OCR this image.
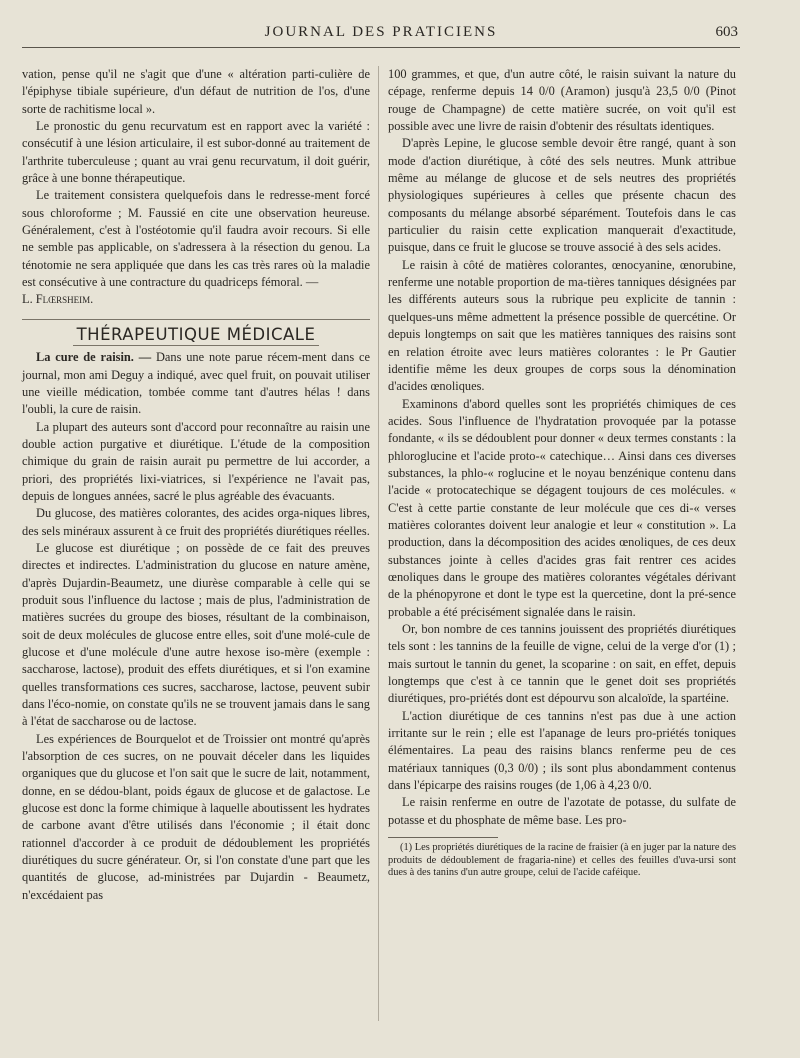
JOURNAL DES PRATICIENS	603

vation, pense qu'il ne s'agit que d'une « altération parti-culière de l'épiphyse tibiale supérieure, d'un défaut de nutrition de l'os, d'une sorte de rachitisme local ».

Le pronostic du genu recurvatum est en rapport avec la variété : consécutif à une lésion articulaire, il est subor-donné au traitement de l'arthrite tuberculeuse ; quant au vrai genu recurvatum, il doit guérir, grâce à une bonne thérapeutique.

Le traitement consistera quelquefois dans le redresse-ment forcé sous chloroforme ; M. Faussié en cite une observation heureuse. Généralement, c'est à l'ostéotomie qu'il faudra avoir recours. Si elle ne semble pas applicable, on s'adressera à la résection du genou. La ténotomie ne sera appliquée que dans les cas très rares où la maladie est consécutive à une contracture du quadriceps fémoral. —

L. Flœrsheim.

THÉRAPEUTIQUE MÉDICALE

La cure de raisin. — Dans une note parue récem-ment dans ce journal, mon ami Deguy a indiqué, avec quel fruit, on pouvait utiliser une vieille médication, tombée comme tant d'autres hélas ! dans l'oubli, la cure de raisin.

La plupart des auteurs sont d'accord pour reconnaître au raisin une double action purgative et diurétique. L'étude de la composition chimique du grain de raisin aurait pu permettre de lui accorder, a priori, des propriétés lixi-viatrices, si l'expérience ne l'avait pas, depuis de longues années, sacré le plus agréable des évacuants.

Du glucose, des matières colorantes, des acides orga-niques libres, des sels minéraux assurent à ce fruit des propriétés diurétiques réelles.

Le glucose est diurétique ; on possède de ce fait des preuves directes et indirectes. L'administration du glucose en nature amène, d'après Dujardin-Beaumetz, une diurèse comparable à celle qui se produit sous l'influence du lactose ; mais de plus, l'administration de matières sucrées du groupe des bioses, résultant de la combinaison, soit de deux molécules de glucose entre elles, soit d'une molé-cule de glucose et d'une molécule d'une autre hexose iso-mère (exemple : saccharose, lactose), produit des effets diurétiques, et si l'on examine quelles transformations ces sucres, saccharose, lactose, peuvent subir dans l'éco-nomie, on constate qu'ils ne se trouvent jamais dans le sang à l'état de saccharose ou de lactose.

Les expériences de Bourquelot et de Troissier ont montré qu'après l'absorption de ces sucres, on ne pouvait déceler dans les liquides organiques que du glucose et l'on sait que le sucre de lait, notamment, donne, en se dédou-blant, poids égaux de glucose et de galactose. Le glucose est donc la forme chimique à laquelle aboutissent les hydrates de carbone avant d'être utilisés dans l'économie ; il était donc rationnel d'accorder à ce produit de dédoublement les propriétés diurétiques du sucre générateur. Or, si l'on constate d'une part que les quantités de glucose, ad-ministrées par Dujardin - Beaumetz, n'excédaient pas

100 grammes, et que, d'un autre côté, le raisin suivant la nature du cépage, renferme depuis 14 0/0 (Aramon) jusqu'à 23,5 0/0 (Pinot rouge de Champagne) de cette matière sucrée, on voit qu'il est possible avec une livre de raisin d'obtenir des résultats identiques.

D'après Lepine, le glucose semble devoir être rangé, quant à son mode d'action diurétique, à côté des sels neutres. Munk attribue même au mélange de glucose et de sels neutres des propriétés physiologiques supérieures à celles que présente chacun des composants du mélange absorbé séparément. Toutefois dans le cas particulier du raisin cette explication manquerait d'exactitude, puisque, dans ce fruit le glucose se trouve associé à des sels acides.

Le raisin à côté de matières colorantes, œnocyanine, œnorubine, renferme une notable proportion de ma-tières tanniques désignées par les différents auteurs sous la rubrique peu explicite de tannin : quelques-uns même admettent la présence possible de quercétine. Or depuis longtemps on sait que les matières tanniques des raisins sont en relation étroite avec leurs matières colorantes : le Pr Gautier identifie même les deux groupes de corps sous la dénomination d'acides œnoliques.

Examinons d'abord quelles sont les propriétés chimiques de ces acides. Sous l'influence de l'hydratation provoquée par la potasse fondante, « ils se dédoublent pour donner « deux termes constants : la phloroglucine et l'acide proto-« catechique… Ainsi dans ces diverses substances, la phlo-« roglucine et le noyau benzénique contenu dans l'acide « protocatechique se dégagent toujours de ces molécules. « C'est à cette partie constante de leur molécule que ces di-« verses matières colorantes doivent leur analogie et leur « constitution ». La production, dans la décomposition des acides œnoliques, de ces deux substances jointe à celles d'acides gras fait rentrer ces acides œnoliques dans le groupe des matières colorantes végétales dérivant de la phénopyrone et dont le type est la quercetine, dont la pré-sence probable a été précisément signalée dans le raisin.

Or, bon nombre de ces tannins jouissent des propriétés diurétiques tels sont : les tannins de la feuille de vigne, celui de la verge d'or (1) ; mais surtout le tannin du genet, la scoparine : on sait, en effet, depuis longtemps que c'est à ce tannin que le genet doit ses propriétés diurétiques, pro-priétés dont est dépourvu son alcaloïde, la spartéine.

L'action diurétique de ces tannins n'est pas due à une action irritante sur le rein ; elle est l'apanage de leurs pro-priétés toniques élémentaires. La peau des raisins blancs renferme peu de ces matériaux tanniques (0,3 0/0) ; ils sont plus abondamment contenus dans l'épicarpe des raisins rouges (de 1,06 à 4,23 0/0.

Le raisin renferme en outre de l'azotate de potasse, du sulfate de potasse et du phosphate de même base. Les pro-

(1) Les propriétés diurétiques de la racine de fraisier (à en juger par la nature des produits de dédoublement de fragaria-nine) et celles des feuilles d'uva-ursi sont dues à des tanins d'un autre groupe, celui de l'acide caféique.
